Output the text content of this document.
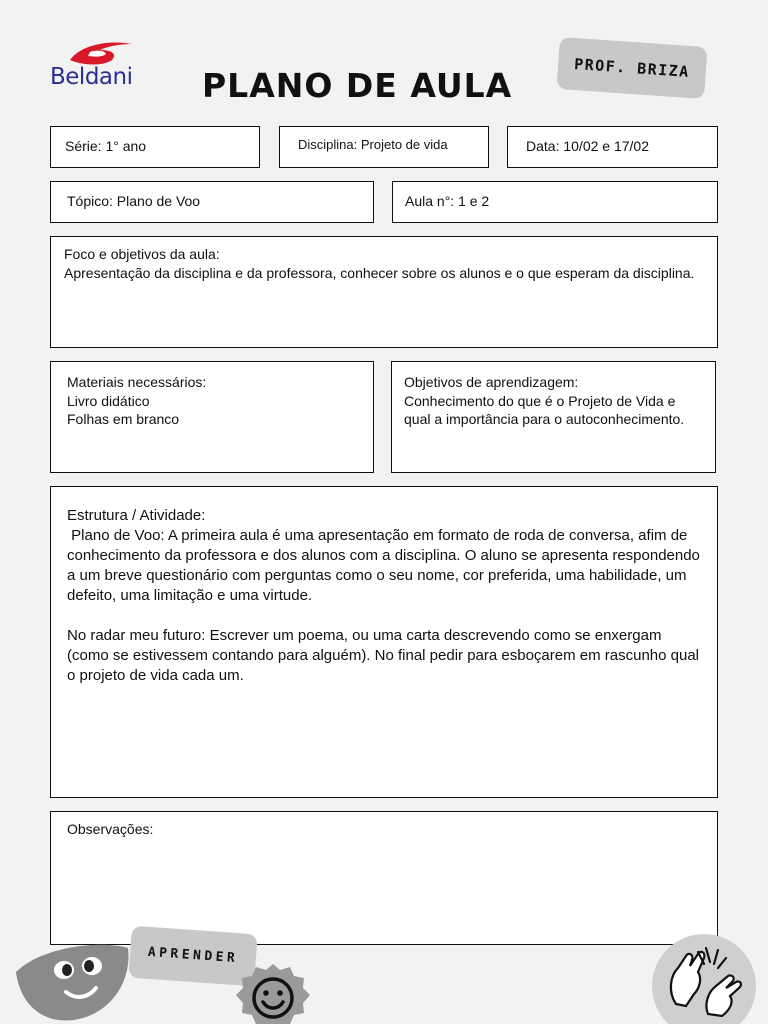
Beldani PLANO DE AULA	PROF. BRIZA
Série: 1° ano	Disciplina: Projeto de vida	Data: 10/02 e 17/02
Tópico: Plano de Voo	Aula n°: 1 e 2
Foco e objetivos da aula:
Apresentação da disciplina e da professora, conhecer sobre os alunos e o que esperam da disciplina.
Materiais necessários:
Livro didático
Folhas em branco
Objetivos de aprendizagem:
Conhecimento do que é o Projeto de Vida e qual a importância para o autoconhecimento.
Estrutura / Atividade:
Plano de Voo: A primeira aula é uma apresentação em formato de roda de conversa, afim de conhecimento da professora e dos alunos com a disciplina. O aluno se apresenta respondendo a um breve questionário com perguntas como o seu nome, cor preferida, uma habilidade, um defeito, uma limitação e uma virtude.
No radar meu futuro: Escrever um poema, ou uma carta descrevendo como se enxergam (como se estivessem contando para alguém). No final pedir para esboçarem em rascunho qual o projeto de vida cada um.
Observações:
APRENDER
